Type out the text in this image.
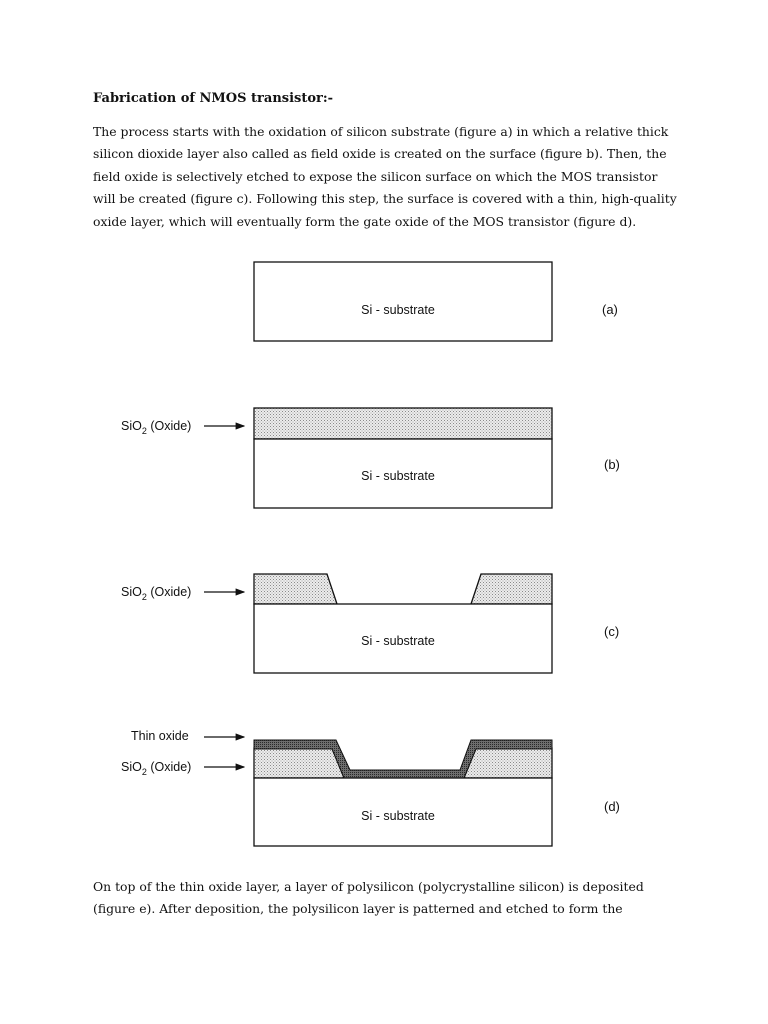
Fabrication of NMOS transistor:-

The process starts with the oxidation of silicon substrate (figure a) in which a relative thick
silicon dioxide layer also called as field oxide is created on the surface (figure b). Then, the
field oxide is selectively etched to expose the silicon surface on which the MOS transistor
will be created (figure c). Following this step, the surface is covered with a thin, high-quality
oxide layer, which will eventually form the gate oxide of the MOS transistor (figure d).

Si - substrate	(a)
Si - substrate
SiO$_2$ (Oxide)
(b)
Si - substrate
SiO$_2$ (Oxide)
(c)
Si - substrate
Thin oxide
SiO$_2$ (Oxide)
(d)

On top of the thin oxide layer, a layer of polysilicon (polycrystalline silicon) is deposited
(figure e). After deposition, the polysilicon layer is patterned and etched to form the
